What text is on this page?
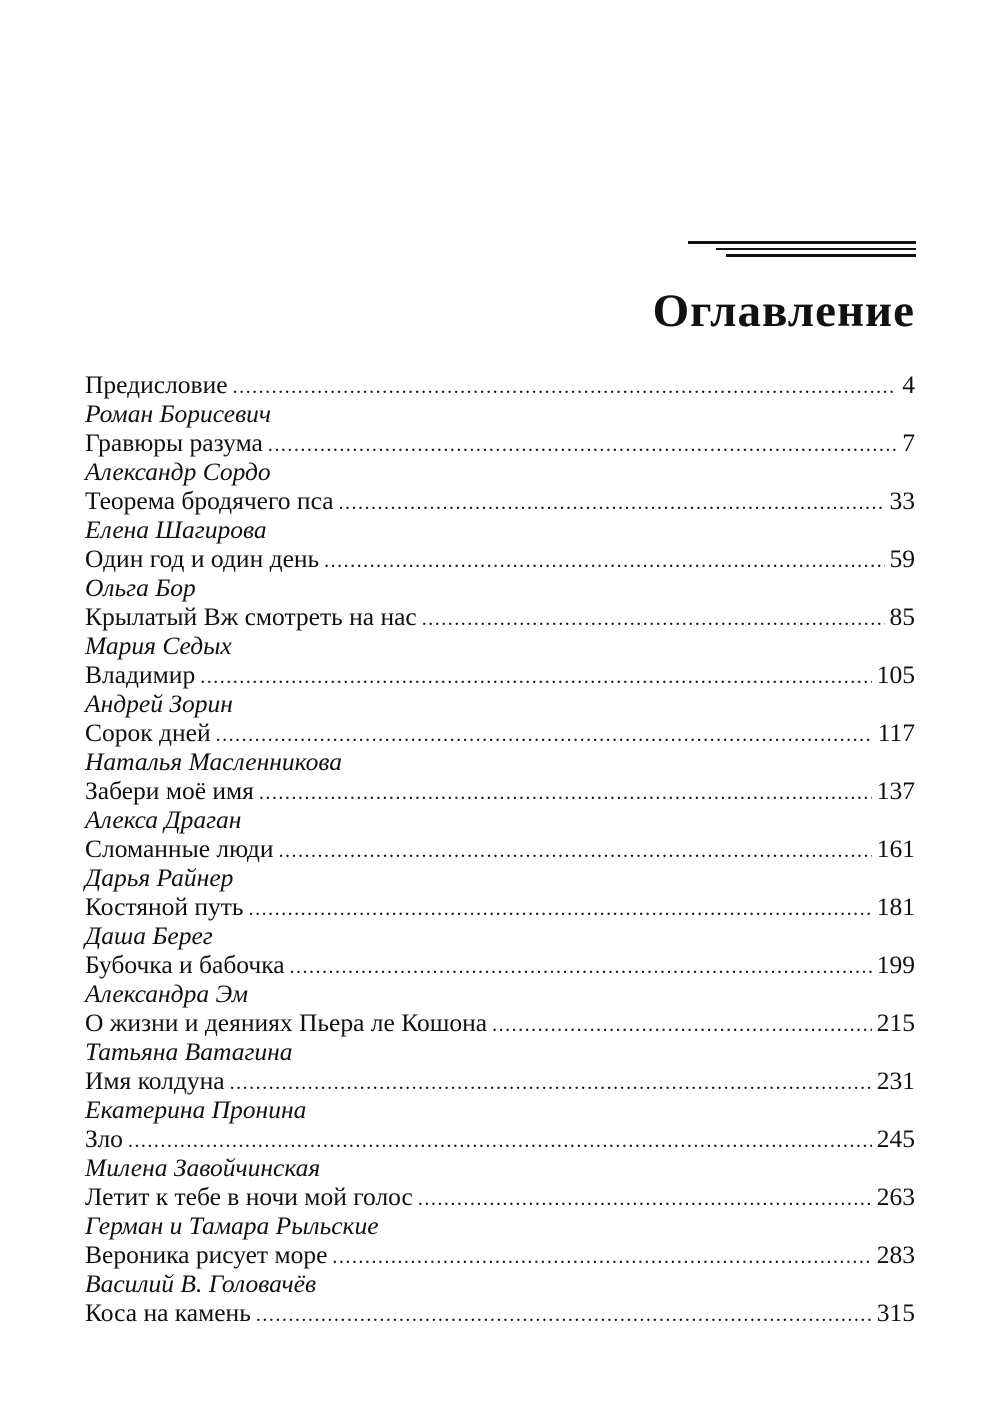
Оглавление
Предисловие .....	4
Роман Борисевич
Гравюры разума .....	7
Александр Сордо
Теорема бродячего пса .....	33
Елена Шагирова
Один год и один день .....	59
Ольга Бор
Крылатый Вж смотреть на нас .....	85
Мария Седых
Владимир .....	105
Андрей Зорин
Сорок дней .....	117
Наталья Масленникова
Забери моё имя .....	137
Алекса Драган
Сломанные люди .....	161
Дарья Райнер
Костяной путь .....	181
Даша Берег
Бубочка и бабочка .....	199
Александра Эм
О жизни и деяниях Пьера ле Кошона .....	215
Татьяна Ватагина
Имя колдуна .....	231
Екатерина Пронина
Зло .....	245
Милена Завойчинская
Летит к тебе в ночи мой голос .....	263
Герман и Тамара Рыльские
Вероника рисует море .....	283
Василий В. Головачёв
Коса на камень .....	315
